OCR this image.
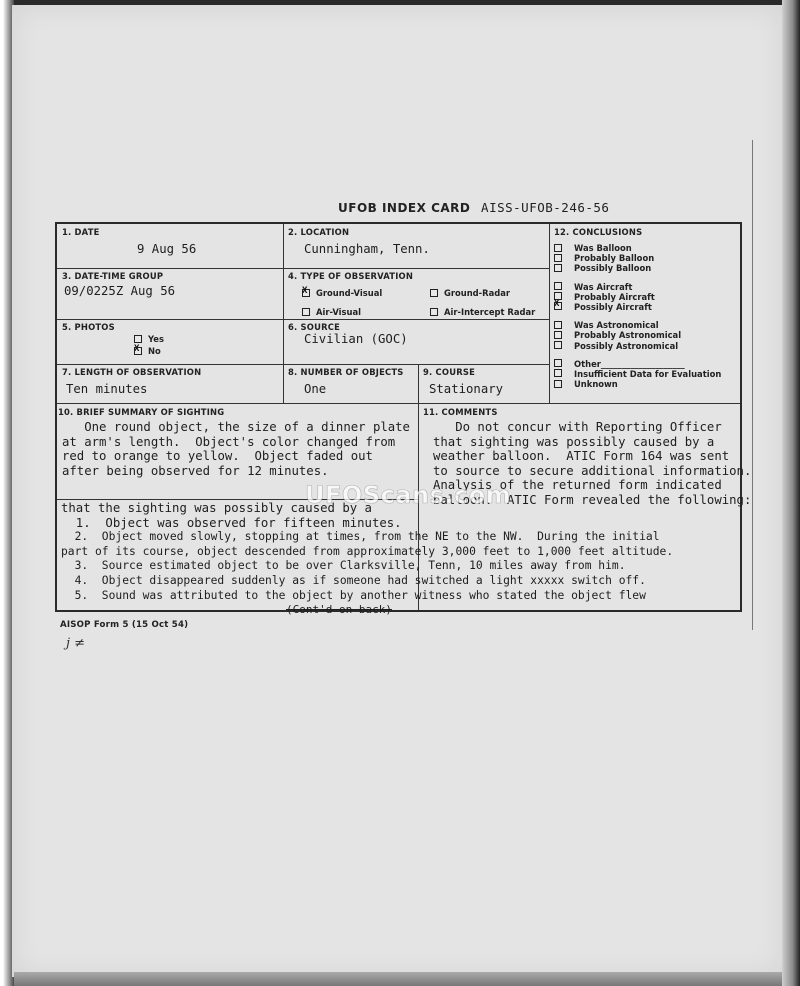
UFOB INDEX CARD AISS-UFOB-246-56
1. DATE
9 Aug 56
2. LOCATION
Cunningham, Tenn.
3. DATE-TIME GROUP
09/0225Z Aug 56
4. TYPE OF OBSERVATION
XGround-Visual	Ground-Radar
Air-Visual	Air-Intercept Radar
5. PHOTOS
Yes
XNo
6. SOURCE
Civilian (GOC)
7. LENGTH OF OBSERVATION
Ten minutes
8. NUMBER OF OBJECTS
One
9. COURSE
Stationary
12. CONCLUSIONS
Was Balloon
Probably Balloon
Possibly Balloon
Was Aircraft
Probably Aircraft
XPossibly Aircraft
Was Astronomical
Probably Astronomical
Possibly Astronomical
Other____________________
Insufficient Data for Evaluation
Unknown
10. BRIEF SUMMARY OF SIGHTING
One round object, the size of a dinner plate
at arm's length.  Object's color changed from
red to orange to yellow.  Object faded out
after being observed for 12 minutes.
11. COMMENTS
Do not concur with Reporting Officer
that sighting was possibly caused by a
weather balloon.  ATIC Form 164 was sent
to source to secure additional information.
Analysis of the returned form indicated
balloon.  ATIC Form revealed the following:
that the sighting was possibly caused by a
1.  Object was observed for fifteen minutes.
2.  Object moved slowly, stopping at times, from the NE to the NW.  During the initial
part of its course, object descended from approximately 3,000 feet to 1,000 feet altitude.
3.  Source estimated object to be over Clarksville, Tenn, 10 miles away from him.
4.  Object disappeared suddenly as if someone had switched a light xxxxx switch off.
5.  Sound was attributed to the object by another witness who stated the object flew
(Cont'd on back)
UFOScans.com
AISOP Form 5 (15 Oct 54)
j ≠
